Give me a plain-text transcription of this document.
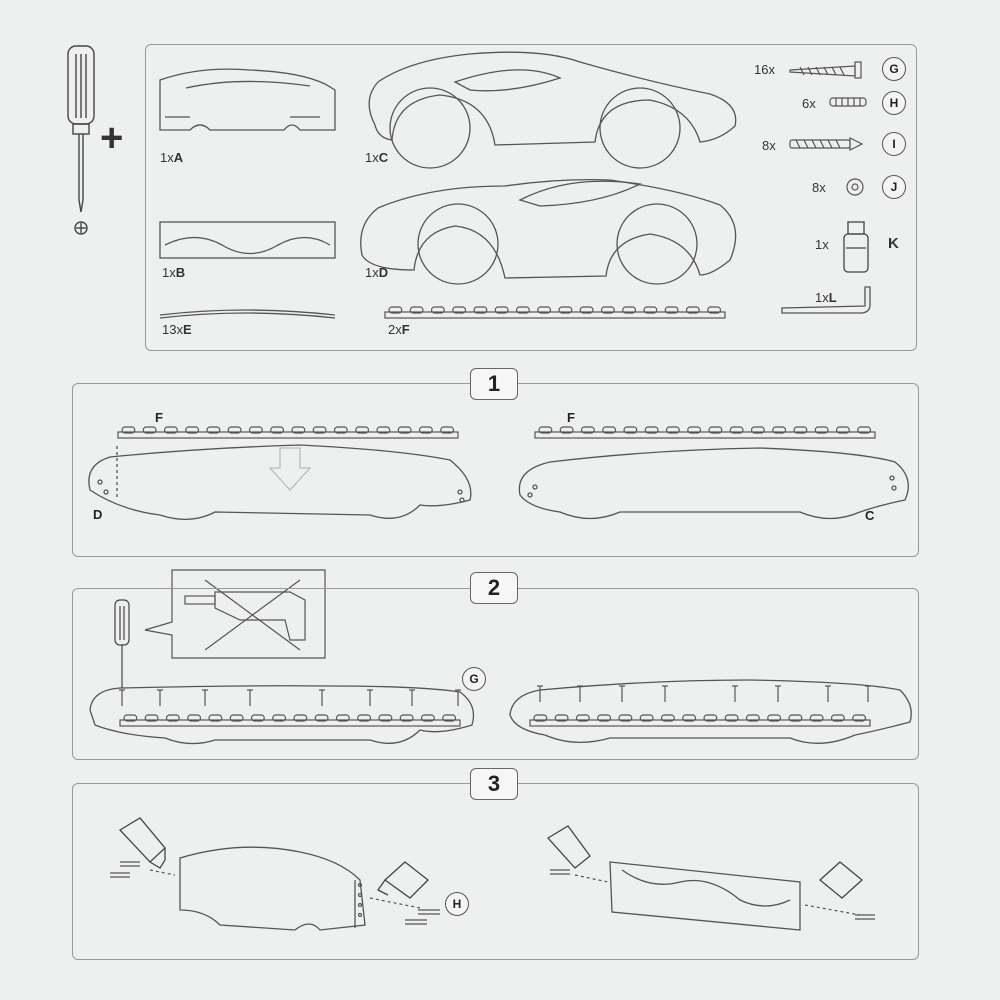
+	1xA	1xC
1xB	1xD
13xE	2xF
16x	G
6x	H
8x	I
8x	J
1x	K
1xL
1
2
3
F	F
D	C
G
H
